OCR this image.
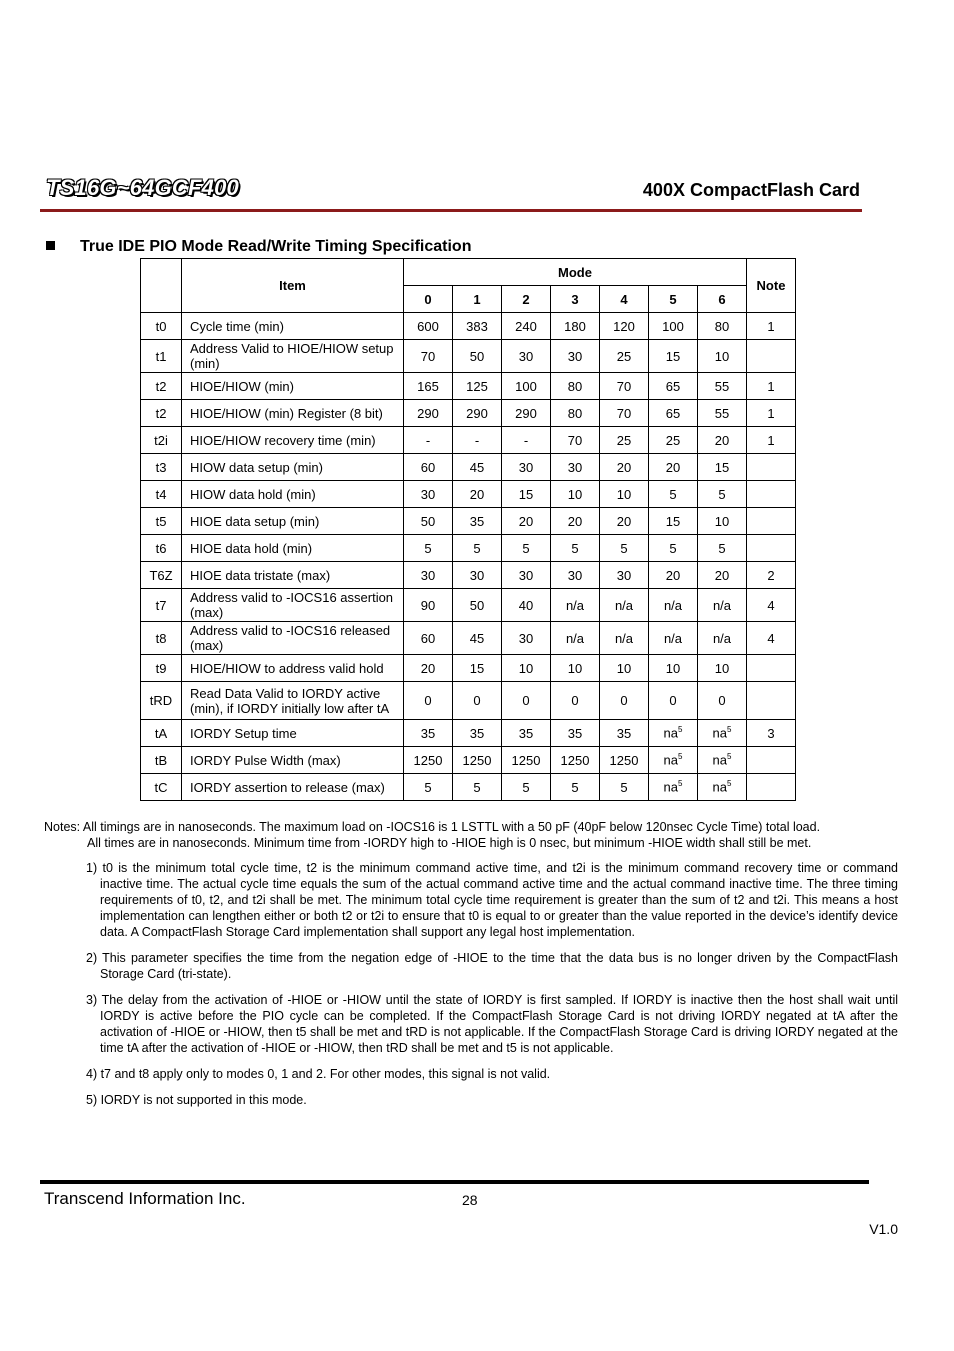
TS16G~64GCF400	400X CompactFlash Card
True IDE PIO Mode Read/Write Timing Specification
	Item	Mode							Note
		0	1	2	3	4	5	6	
t0	Cycle time (min)	600	383	240	180	120	100	80	1
t1	Address Valid to HIOE/HIOW setup (min)	70	50	30	30	25	15	10	
t2	HIOE/HIOW (min)	165	125	100	80	70	65	55	1
t2	HIOE/HIOW (min) Register (8 bit)	290	290	290	80	70	65	55	1
t2i	HIOE/HIOW recovery time (min)	-	-	-	70	25	25	20	1
t3	HIOW data setup (min)	60	45	30	30	20	20	15	
t4	HIOW data hold (min)	30	20	15	10	10	5	5	
t5	HIOE data setup (min)	50	35	20	20	20	15	10	
t6	HIOE data hold (min)	5	5	5	5	5	5	5	
T6Z	HIOE data tristate (max)	30	30	30	30	30	20	20	2
t7	Address valid to -IOCS16 assertion (max)	90	50	40	n/a	n/a	n/a	n/a	4
t8	Address valid to -IOCS16 released (max)	60	45	30	n/a	n/a	n/a	n/a	4
t9	HIOE/HIOW to address valid hold	20	15	10	10	10	10	10	
tRD	Read Data Valid to IORDY active (min), if IORDY initially low after tA	0	0	0	0	0	0	0	
tA	IORDY Setup time	35	35	35	35	35	$na^5$	$na^5$	3
tB	IORDY Pulse Width (max)	1250	1250	1250	1250	1250	$na^5$	$na^5$	
tC	IORDY assertion to release (max)	5	5	5	5	5	$na^5$	$na^5$	

Notes: All timings are in nanoseconds. The maximum load on -IOCS16 is 1 LSTTL with a 50 pF (40pF below 120nsec Cycle Time) total load.

All times are in nanoseconds. Minimum time from -IORDY high to -HIOE high is 0 nsec, but minimum -HIOE width shall still be met.

1) t0 is the minimum total cycle time, t2 is the minimum command active time, and t2i is the minimum command recovery time or command inactive time. The actual cycle time equals the sum of the actual command active time and the actual command inactive time. The three timing requirements of t0, t2, and t2i shall be met. The minimum total cycle time requirement is greater than the sum of t2 and t2i. This means a host implementation can lengthen either or both t2 or t2i to ensure that t0 is equal to or greater than the value reported in the device’s identify device data. A CompactFlash Storage Card implementation shall support any legal host implementation.
2) This parameter specifies the time from the negation edge of -HIOE to the time that the data bus is no longer driven by the CompactFlash Storage Card (tri-state).
3) The delay from the activation of -HIOE or -HIOW until the state of IORDY is first sampled. If IORDY is inactive then the host shall wait until IORDY is active before the PIO cycle can be completed. If the CompactFlash Storage Card is not driving IORDY negated at tA after the activation of -HIOE or -HIOW, then t5 shall be met and tRD is not applicable. If the CompactFlash Storage Card is driving IORDY negated at the time tA after the activation of -HIOE or -HIOW, then tRD shall be met and t5 is not applicable.
4) t7 and t8 apply only to modes 0, 1 and 2. For other modes, this signal is not valid.
5) IORDY is not supported in this mode.
Transcend Information Inc.	28
V1.0
